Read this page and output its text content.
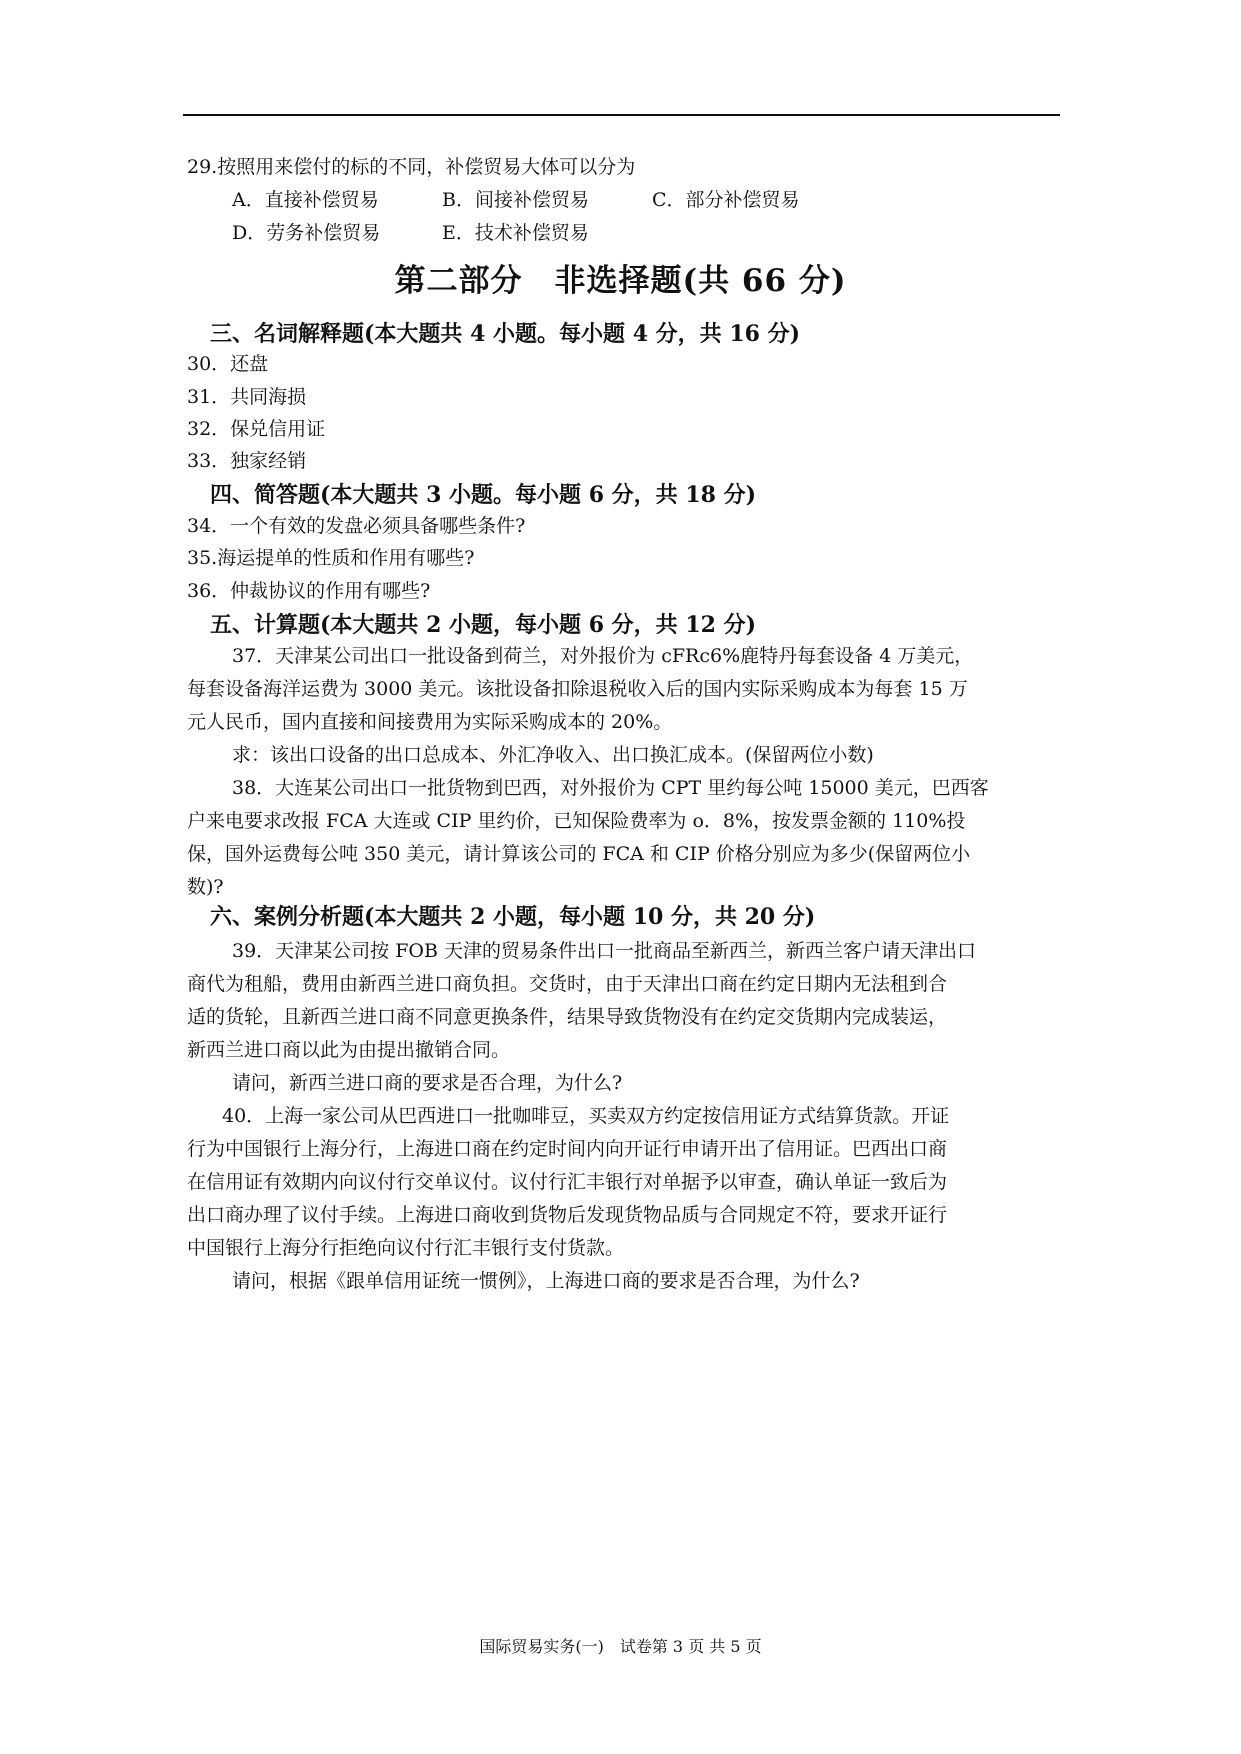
29.按照用来偿付的标的不同，补偿贸易大体可以分为
A．直接补偿贸易	B．间接补偿贸易	C．部分补偿贸易
D．劳务补偿贸易	E．技术补偿贸易
第二部分　非选择题(共 66 分)
三、名词解释题(本大题共 4 小题。每小题 4 分，共 16 分)
30．还盘
31．共同海损
32．保兑信用证
33．独家经销
四、简答题(本大题共 3 小题。每小题 6 分，共 18 分)
34．一个有效的发盘必须具备哪些条件?
35.海运提单的性质和作用有哪些?
36．仲裁协议的作用有哪些?
五、计算题(本大题共 2 小题，每小题 6 分，共 12 分)
37．天津某公司出口一批设备到荷兰，对外报价为 cFRc6%鹿特丹每套设备 4 万美元，
每套设备海洋运费为 3000 美元。该批设备扣除退税收入后的国内实际采购成本为每套 15 万
元人民币，国内直接和间接费用为实际采购成本的 20%。
求：该出口设备的出口总成本、外汇净收入、出口换汇成本。(保留两位小数)
38．大连某公司出口一批货物到巴西，对外报价为 CPT 里约每公吨 15000 美元，巴西客
户来电要求改报 FCA 大连或 CIP 里约价，已知保险费率为 o．8%，按发票金额的 110%投
保，国外运费每公吨 350 美元，请计算该公司的 FCA 和 CIP 价格分别应为多少(保留两位小
数)?
六、案例分析题(本大题共 2 小题，每小题 10 分，共 20 分)
39．天津某公司按 FOB 天津的贸易条件出口一批商品至新西兰，新西兰客户请天津出口
商代为租船，费用由新西兰进口商负担。交货时，由于天津出口商在约定日期内无法租到合
适的货轮，且新西兰进口商不同意更换条件，结果导致货物没有在约定交货期内完成装运，
新西兰进口商以此为由提出撤销合同。
请问，新西兰进口商的要求是否合理，为什么?
40．上海一家公司从巴西进口一批咖啡豆，买卖双方约定按信用证方式结算货款。开证
行为中国银行上海分行，上海进口商在约定时间内向开证行申请开出了信用证。巴西出口商
在信用证有效期内向议付行交单议付。议付行汇丰银行对单据予以审查，确认单证一致后为
出口商办理了议付手续。上海进口商收到货物后发现货物品质与合同规定不符，要求开证行
中国银行上海分行拒绝向议付行汇丰银行支付货款。
请问，根据《跟单信用证统一惯例》，上海进口商的要求是否合理，为什么?
国际贸易实务(一)　试卷第 3 页 共 5 页
